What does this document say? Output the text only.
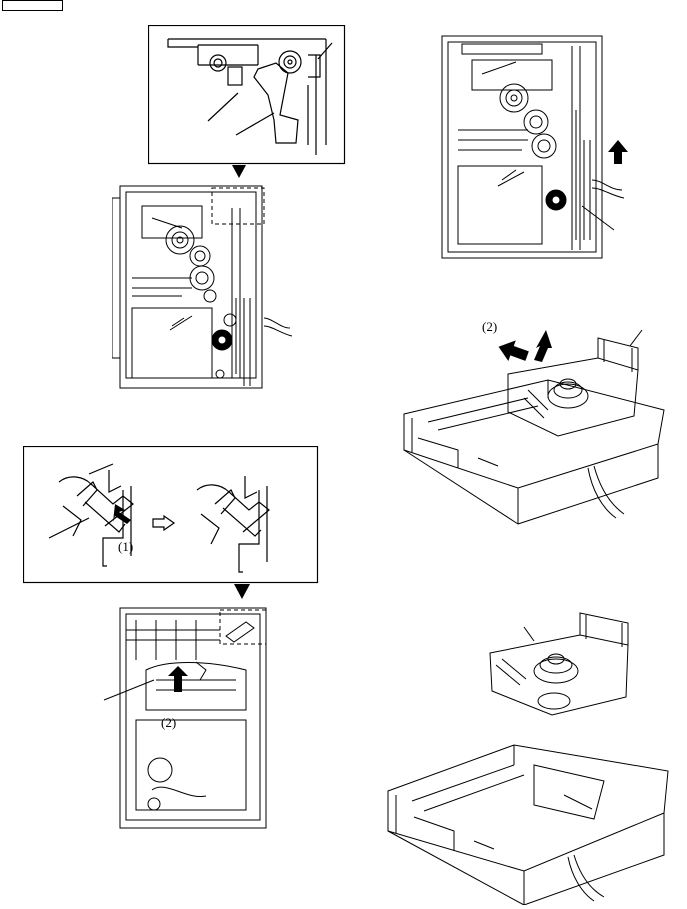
(1)
(2)
(2)
